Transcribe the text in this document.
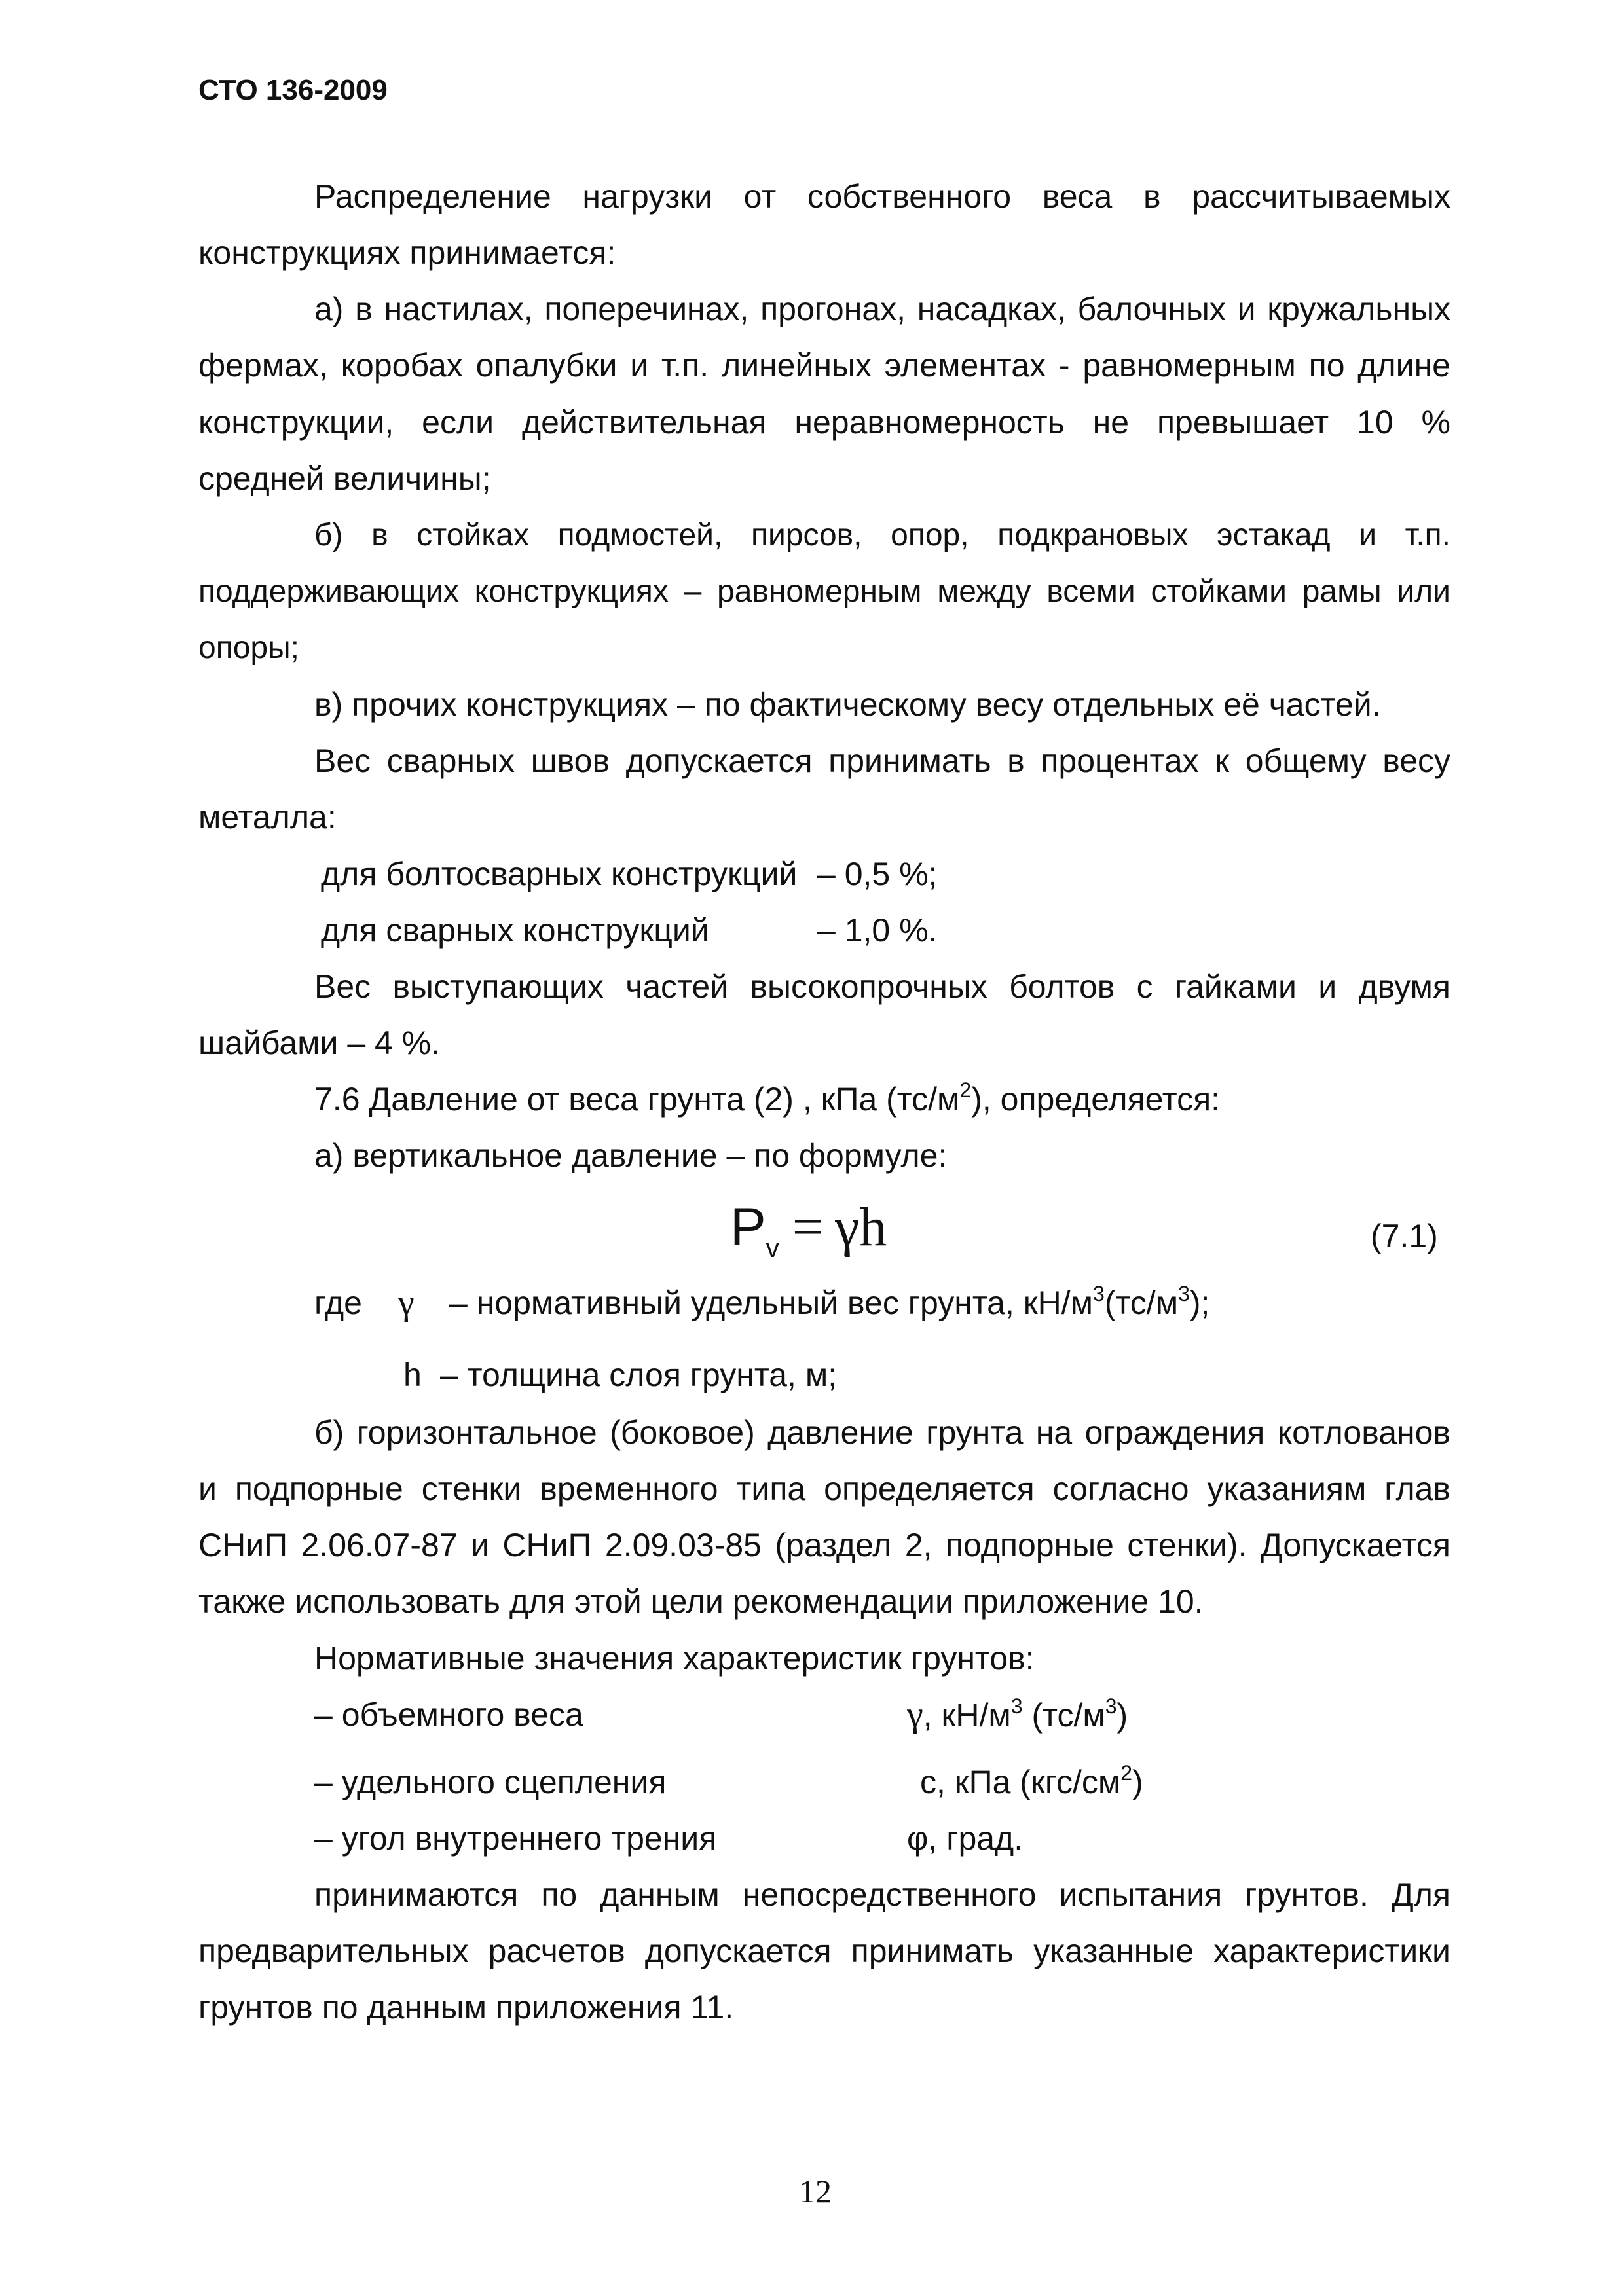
СТО 136-2009
Распределение нагрузки от собственного веса в рассчитываемых
конструкциях принимается:
а) в настилах, поперечинах, прогонах, насадках, балочных и кружальных
фермах, коробах опалубки и т.п. линейных элементах - равномерным по длине
конструкции, если действительная неравномерность не превышает 10 %
средней величины;
б) в стойках подмостей, пирсов, опор, подкрановых эстакад и т.п.
поддерживающих конструкциях – равномерным между всеми стойками рамы или
опоры;
в) прочих конструкциях – по фактическому весу отдельных её частей.
Вес сварных швов допускается принимать в процентах к общему весу
металла:
для болтосварных конструкций – 0,5 %;
для сварных конструкций	– 1,0 %.
Вес выступающих частей высокопрочных болтов с гайками и двумя
шайбами – 4 %.
7.6 Давление от веса грунта (2) , кПа $(тс/м^2)$, определяется:
а) вертикальное давление – по формуле:
$P_v = \gamma h$	(7.1)
где γ – нормативный удельный вес грунта, $кН/м^3(тс/м^3)$;
h – толщина слоя грунта, м;
б) горизонтальное (боковое) давление грунта на ограждения котлованов
и подпорные стенки временного типа определяется согласно указаниям глав
СНиП 2.06.07-87 и СНиП 2.09.03-85 (раздел 2, подпорные стенки). Допускается
также использовать для этой цели рекомендации приложение 10.
Нормативные значения характеристик грунтов:
– объемного веса	γ, $кН/м^3$ $(тс/м^3)$
– удельного сцепления	с, кПа $(кгс/см^2)$
– угол внутреннего трения	φ, град.
принимаются по данным непосредственного испытания грунтов. Для
предварительных расчетов допускается принимать указанные характеристики
грунтов по данным приложения 11.
12
